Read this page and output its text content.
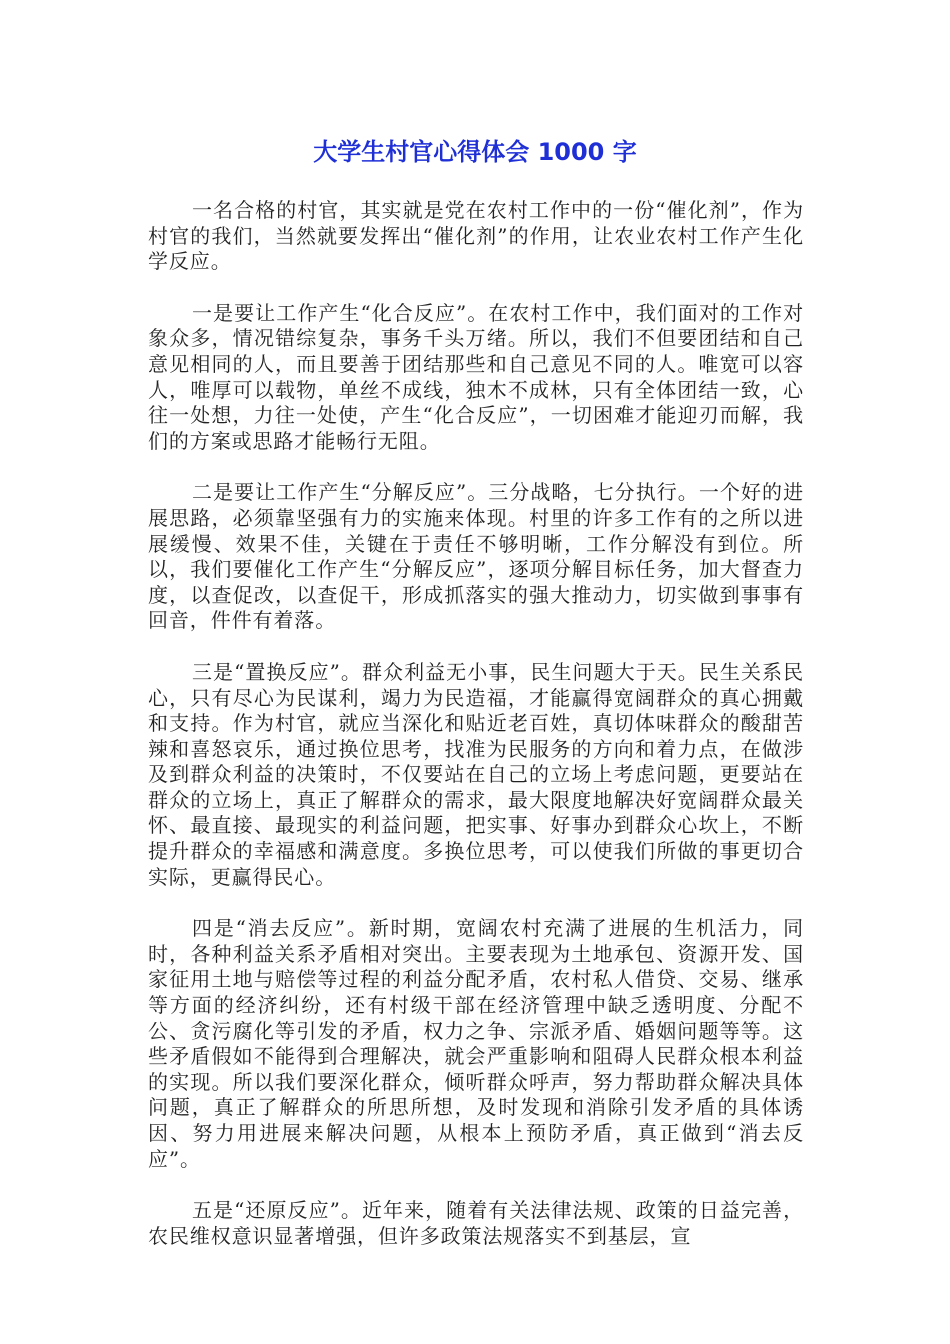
大学生村官心得体会 1000 字

一名合格的村官，其实就是党在农村工作中的一份“催化剂”，作为村官的我们，当然就要发挥出“催化剂”的作用，让农业农村工作产生化学反应。

一是要让工作产生“化合反应”。在农村工作中，我们面对的工作对象众多，情况错综复杂，事务千头万绪。所以，我们不但要团结和自己意见相同的人，而且要善于团结那些和自己意见不同的人。唯宽可以容人，唯厚可以载物，单丝不成线，独木不成林，只有全体团结一致，心往一处想，力往一处使，产生“化合反应”，一切困难才能迎刃而解，我们的方案或思路才能畅行无阻。

二是要让工作产生“分解反应”。三分战略，七分执行。一个好的进展思路，必须靠坚强有力的实施来体现。村里的许多工作有的之所以进展缓慢、效果不佳，关键在于责任不够明晰，工作分解没有到位。所以，我们要催化工作产生“分解反应”，逐项分解目标任务，加大督查力度，以查促改，以查促干，形成抓落实的强大推动力，切实做到事事有回音，件件有着落。

三是“置换反应”。群众利益无小事，民生问题大于天。民生关系民心，只有尽心为民谋利，竭力为民造福，才能赢得宽阔群众的真心拥戴和支持。作为村官，就应当深化和贴近老百姓，真切体味群众的酸甜苦辣和喜怒哀乐，通过换位思考，找准为民服务的方向和着力点，在做涉及到群众利益的决策时，不仅要站在自己的立场上考虑问题，更要站在群众的立场上，真正了解群众的需求，最大限度地解决好宽阔群众最关怀、最直接、最现实的利益问题，把实事、好事办到群众心坎上，不断提升群众的幸福感和满意度。多换位思考，可以使我们所做的事更切合实际，更赢得民心。

四是“消去反应”。新时期，宽阔农村充满了进展的生机活力，同时，各种利益关系矛盾相对突出。主要表现为土地承包、资源开发、国家征用土地与赔偿等过程的利益分配矛盾，农村私人借贷、交易、继承等方面的经济纠纷，还有村级干部在经济管理中缺乏透明度、分配不公、贪污腐化等引发的矛盾，权力之争、宗派矛盾、婚姻问题等等。这些矛盾假如不能得到合理解决，就会严重影响和阻碍人民群众根本利益的实现。所以我们要深化群众，倾听群众呼声，努力帮助群众解决具体问题，真正了解群众的所思所想，及时发现和消除引发矛盾的具体诱因、努力用进展来解决问题，从根本上预防矛盾，真正做到“消去反应”。

五是“还原反应”。近年来，随着有关法律法规、政策的日益完善，农民维权意识显著增强，但许多政策法规落实不到基层，宣
